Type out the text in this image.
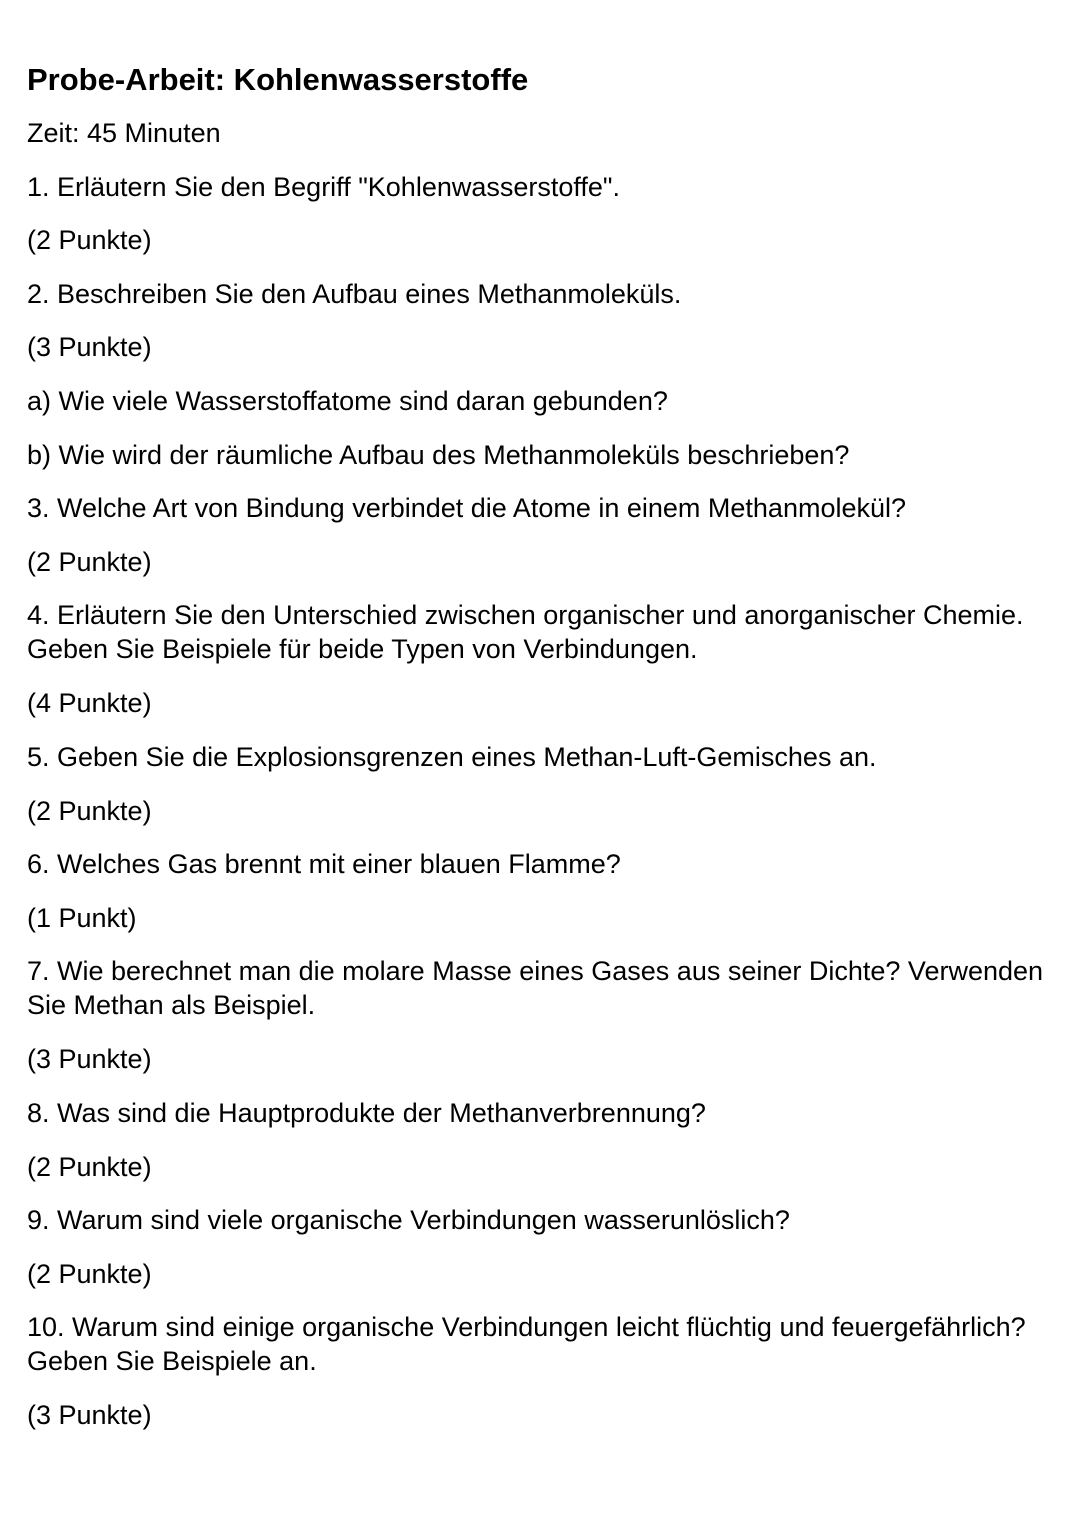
Probe-Arbeit: Kohlenwasserstoffe
Zeit: 45 Minuten
1. Erläutern Sie den Begriff "Kohlenwasserstoffe".
(2 Punkte)
2. Beschreiben Sie den Aufbau eines Methanmoleküls.
(3 Punkte)
a) Wie viele Wasserstoffatome sind daran gebunden?
b) Wie wird der räumliche Aufbau des Methanmoleküls beschrieben?
3. Welche Art von Bindung verbindet die Atome in einem Methanmolekül?
(2 Punkte)
4. Erläutern Sie den Unterschied zwischen organischer und anorganischer Chemie. Geben Sie Beispiele für beide Typen von Verbindungen.
(4 Punkte)
5. Geben Sie die Explosionsgrenzen eines Methan-Luft-Gemisches an.
(2 Punkte)
6. Welches Gas brennt mit einer blauen Flamme?
(1 Punkt)
7. Wie berechnet man die molare Masse eines Gases aus seiner Dichte? Verwenden Sie Methan als Beispiel.
(3 Punkte)
8. Was sind die Hauptprodukte der Methanverbrennung?
(2 Punkte)
9. Warum sind viele organische Verbindungen wasserunlöslich?
(2 Punkte)
10. Warum sind einige organische Verbindungen leicht flüchtig und feuergefährlich? Geben Sie Beispiele an.
(3 Punkte)
